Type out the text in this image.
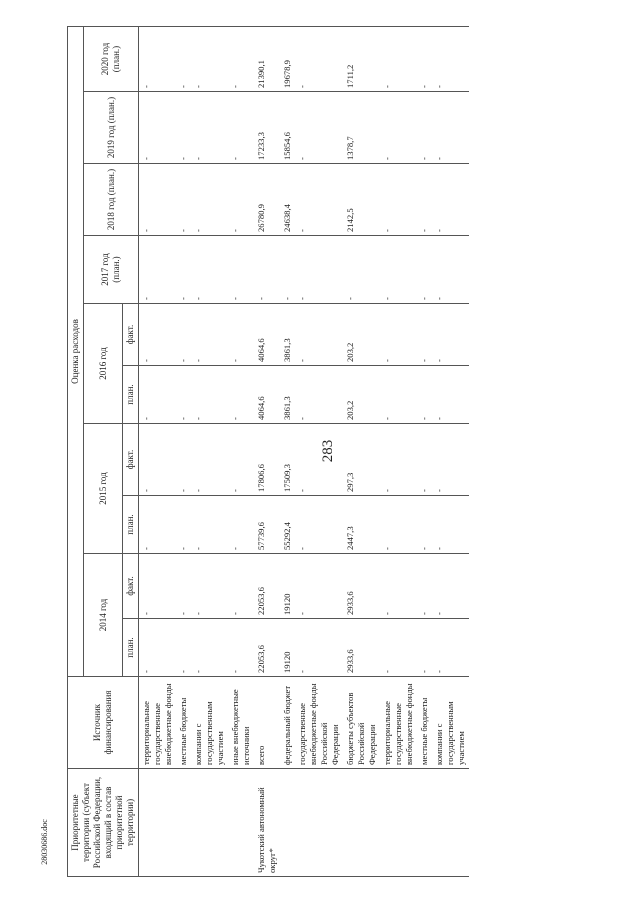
283
28030686.doc Приоритетные территории (субъект Российской Федерации, входящий в состав приоритетной территории)	Источник финансирования	Оценка расходов									
		2014 год		2015 год		2016 год		2017 год (план.)	2018 год (план.)	2019 год (план.)	2020 год (план.)
		план.	факт.	план.	факт.	план.	факт.				
	территориальные государственные внебюджетные фонды	-	-	-	-	-	-	-	-	-	-
	местные бюджеты	-	-	-	-	-	-	-	-	-	-
	компании с государственным участием	-	-	-	-	-	-	-	-	-	-
	иные внебюджетные источники	-	-	-	-	-	-	-	-	-	-
Чукотский автономный округ*	всего	22053,6	22053,6	57739,6	17806,6	4064,6	4064,6	-	26780,9	17233,3	21390,1
	федеральный бюджет	19120	19120	55292,4	17509,3	3861,3	3861,3	-	24638,4	15854,6	19678,9
	государственные внебюджетные фонды Российской Федерации	-	-	-	-	-	-	-	-	-	-
	бюджеты субъектов Российской Федерации	2933,6	2933,6	2447,3	297,3	203,2	203,2	-	2142,5	1378,7	1711,2
	территориальные государственные внебюджетные фонды	-	-	-	-	-	-	-	-	-	-
	местные бюджеты	-	-	-	-	-	-	-	-	-	-
	компании с государственным участием	-	-	-	-	-	-	-	-	-	-
